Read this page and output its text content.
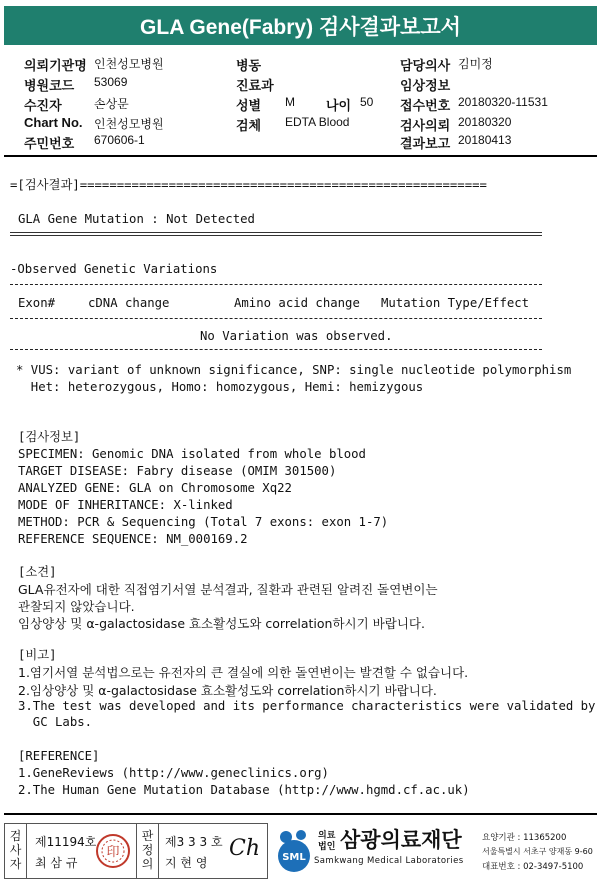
GLA Gene(Fabry) 검사결과보고서
의뢰기관명 인천성모병원	병동	담당의사 김미정
병원코드 53069	진료과	임상정보
수진자	손상문	성별 M 나이 50 접수번호 20180320-11531
Chart No. 인천성모병원	검체 EDTA Blood	검사의뢰 20180320
주민번호 670606-1	결과보고 20180413
=[검사결과]=======================================================
GLA Gene Mutation : Not Detected
-Observed Genetic Variations
Exon#	cDNA change	Amino acid change Mutation Type/Effect
No Variation was observed.
* VUS: variant of unknown significance, SNP: single nucleotide polymorphism
Het: heterozygous, Homo: homozygous, Hemi: hemizygous
[검사정보]
SPECIMEN: Genomic DNA isolated from whole blood
TARGET DISEASE: Fabry disease (OMIM 301500)
ANALYZED GENE: GLA on Chromosome Xq22
MODE OF INHERITANCE: X-linked
METHOD: PCR & Sequencing (Total 7 exons: exon 1-7)
REFERENCE SEQUENCE: NM_000169.2
[소견]
GLA유전자에 대한 직접염기서열 분석결과, 질환과 관련된 알려진 돌연변이는
관찰되지 않았습니다.
임상양상 및 α-galactosidase 효소활성도와 correlation하시기 바랍니다.
[비고]
1.염기서열 분석법으로는 유전자의 큰 결실에 의한 돌연변이는 발견할 수 없습니다.
2.임상양상 및 α-galactosidase 효소활성도와 correlation하시기 바랍니다.
3.The test was developed and its performance characteristics were validated by
GC Labs.
[REFERENCE]
1.GeneReviews (http://www.geneclinics.org)
2.The Human Gene Mutation Database (http://www.hgmd.cf.ac.uk)
검사자
제11194호
최 삼 규
印
판정의
제3 3 3 호
지 현 영
Ch SML
의료
법인 삼광의료재단
Samkwang Medical Laboratories
요양기관 : 11365200
서울특별시 서초구 양재동 9-60
대표번호 : 02-3497-5100
